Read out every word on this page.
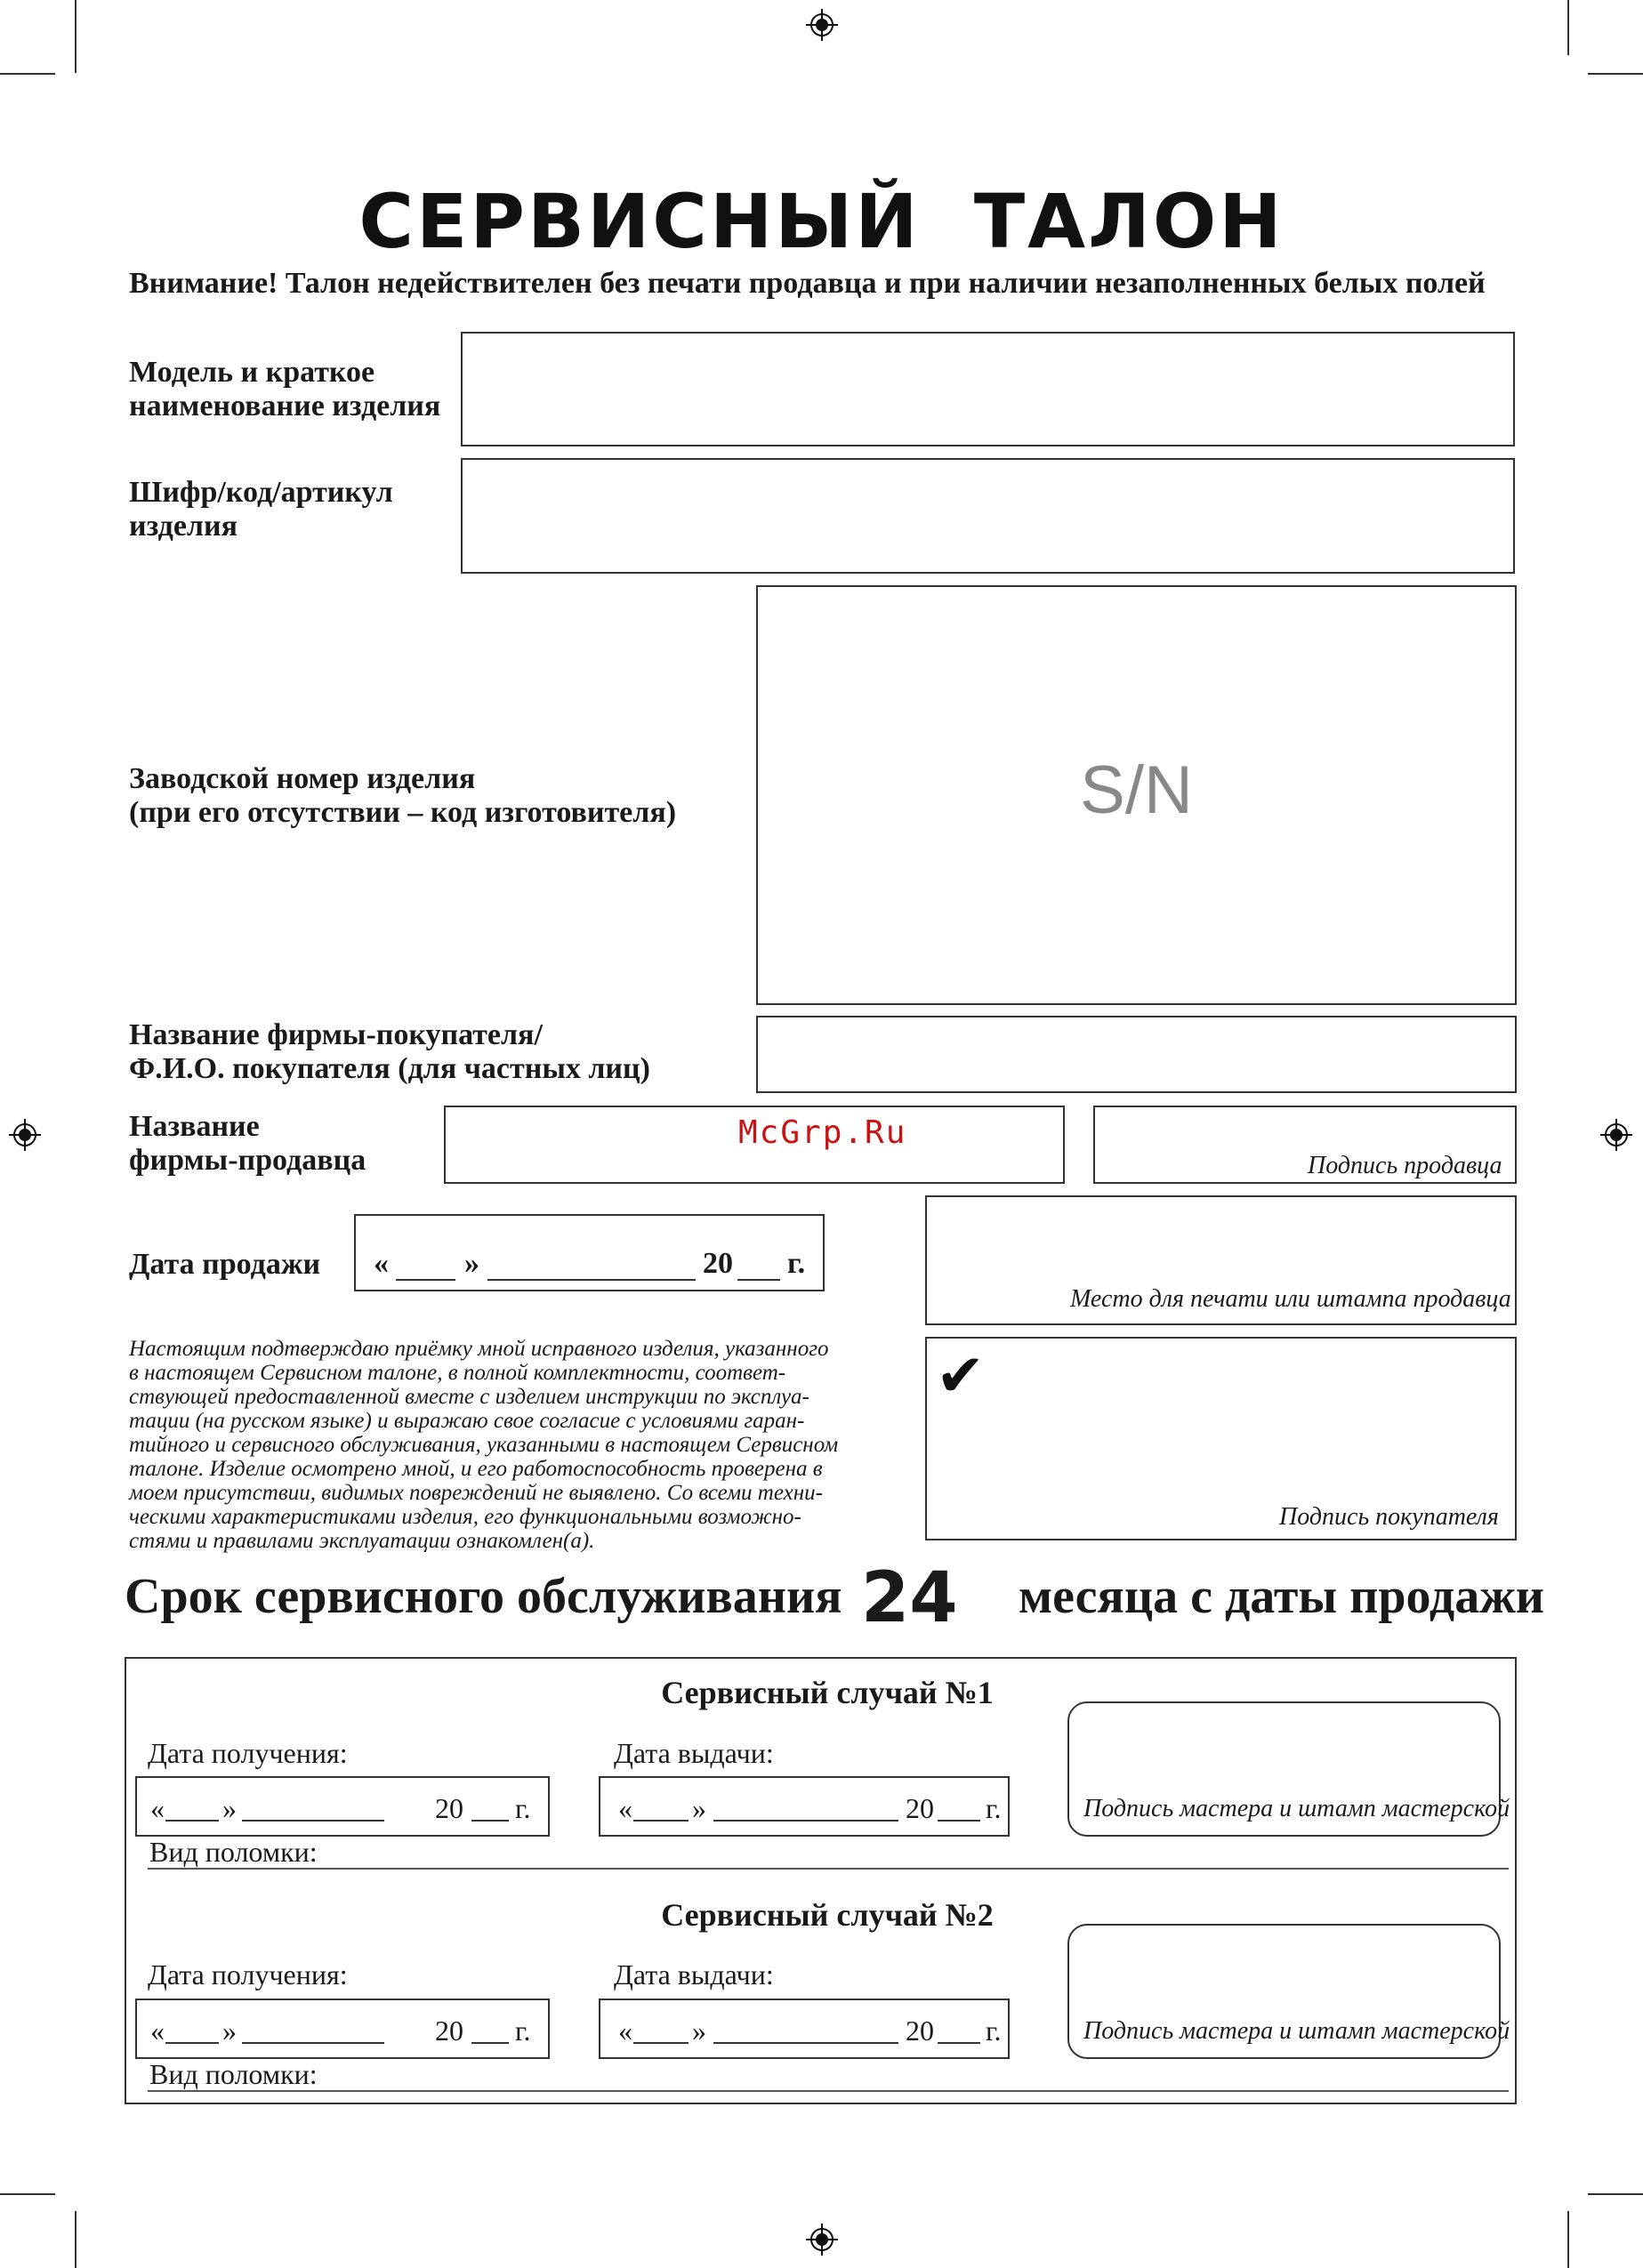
СЕРВИСНЫЙ ТАЛОН
Внимание! Талон недействителен без печати продавца и при наличии незаполненных белых полей
Модель и краткое
наименование изделия
Шифр/код/артикул
изделия
Заводской номер изделия
(при его отсутствии – код изготовителя)	S/N
Название фирмы-покупателя/
Ф.И.О. покупателя (для частных лиц)
Название
фирмы-продавца
McGrp.Ru
Подпись продавца
Дата продажи «	»	20 г.
Место для печати или штампа продавца
Настоящим подтверждаю приёмку мной исправного изделия, указанного
в настоящем Сервисном талоне, в полной комплектности, соответ-
ствующей предоставленной вместе с изделием инструкции по эксплуа-
тации (на русском языке) и выражаю свое согласие с условиями гаран-
тийного и сервисного обслуживания, указанными в настоящем Сервисном
талоне. Изделие осмотрено мной, и его работоспособность проверена в
моем присутствии, видимых повреждений не выявлено. Со всеми техни-
ческими характеристиками изделия, его функциональными возможно-
стями и правилами эксплуатации ознакомлен(а).
✔
Подпись покупателя
Срок сервисного обслуживания 24 месяца с даты продажи
Сервисный случай №1
Дата получения:	Дата выдачи:
« »	20 г.	« »	20 г.	Подпись мастера и штамп мастерской
Вид поломки:
Сервисный случай №2
Дата получения:	Дата выдачи:
« »	20 г.	« »	20 г.	Подпись мастера и штамп мастерской
Вид поломки:
